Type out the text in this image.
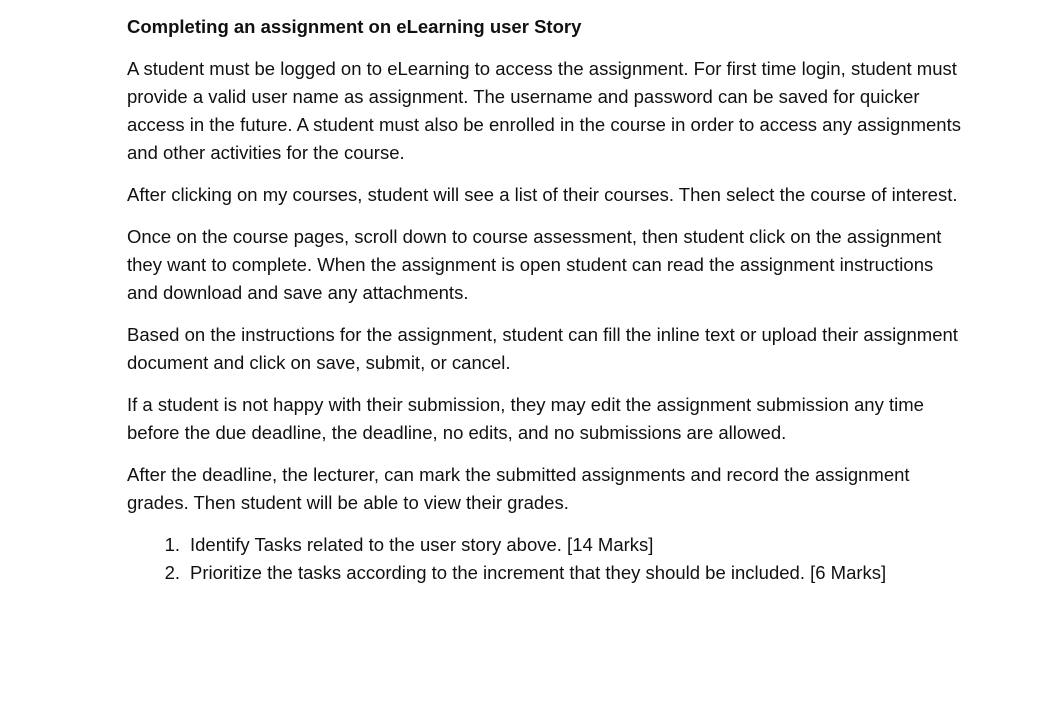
Completing an assignment on eLearning user Story

A student must be logged on to eLearning to access the assignment. For first time login, student must provide a valid user name as assignment. The username and password can be saved for quicker access in the future. A student must also be enrolled in the course in order to access any assignments and other activities for the course.

After clicking on my courses, student will see a list of their courses. Then select the course of interest.

Once on the course pages, scroll down to course assessment, then student click on the assignment they want to complete. When the assignment is open student can read the assignment instructions and download and save any attachments.

Based on the instructions for the assignment, student can fill the inline text or upload their assignment document and click on save, submit, or cancel.

If a student is not happy with their submission, they may edit the assignment submission any time before the due deadline, the deadline, no edits, and no submissions are allowed.

After the deadline, the lecturer, can mark the submitted assignments and record the assignment grades. Then student will be able to view their grades.

1. Identify Tasks related to the user story above. [14 Marks]
2. Prioritize the tasks according to the increment that they should be included. [6 Marks]
